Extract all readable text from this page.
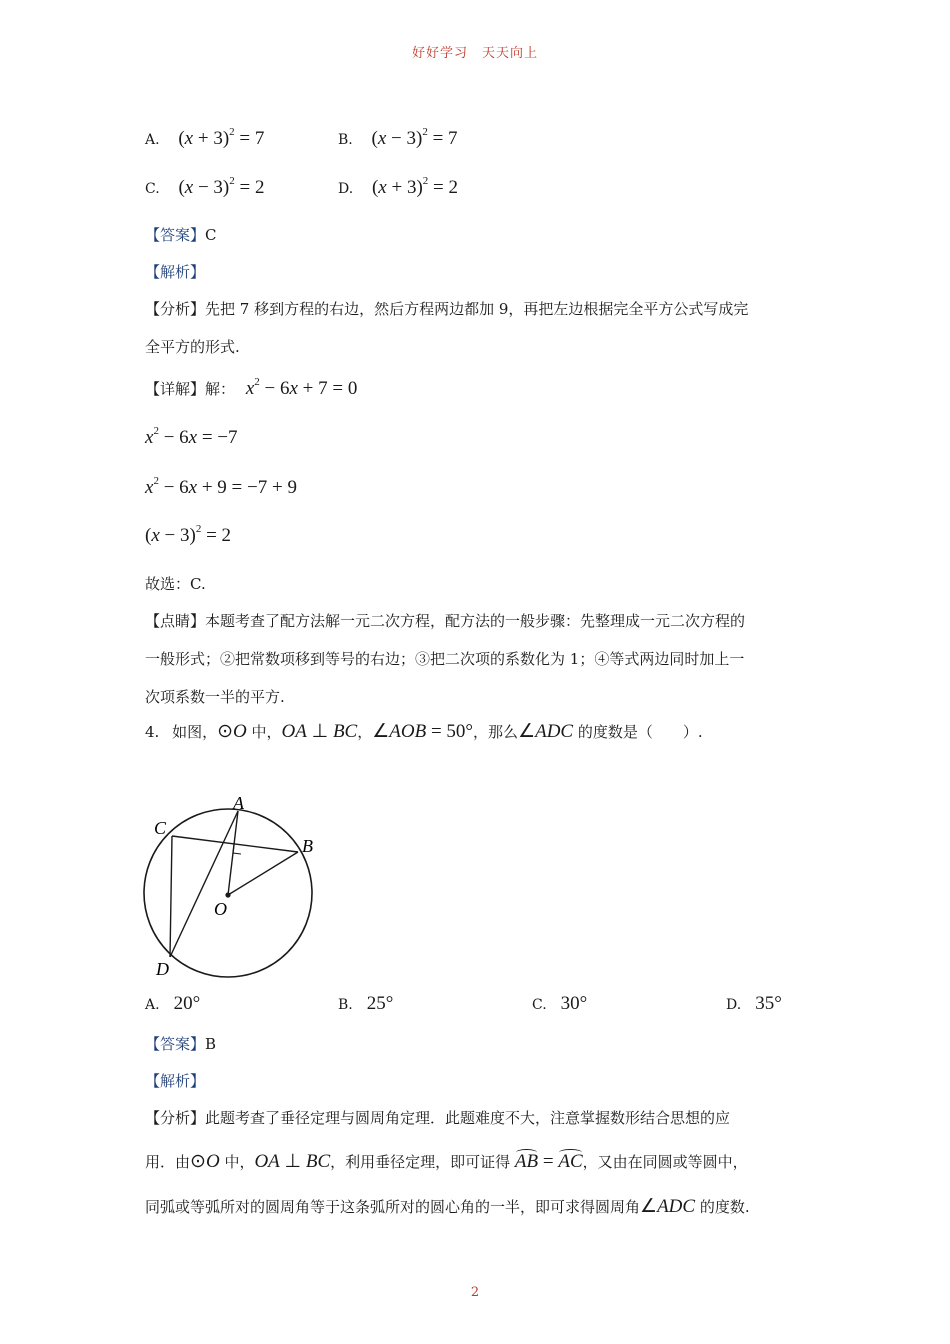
好好学习　天天向上
A. $(x + 3)^2 = 7$	B. $(x - 3)^2 = 7$
C. $(x - 3)^2 = 2$	D. $(x + 3)^2 = 2$
【答案】C
【解析】
【分析】先把 7 移到方程的右边，然后方程两边都加 9，再把左边根据完全平方公式写成完
全平方的形式.
【详解】解： $x^2 - 6x + 7 = 0$
$x^2 - 6x = -7$
$x^2 - 6x + 9 = -7 + 9$
$(x - 3)^2 = 2$
故选：C.
【点睛】本题考查了配方法解一元二次方程，配方法的一般步骤：先整理成一元二次方程的
一般形式；②把常数项移到等号的右边；③把二次项的系数化为 1；④等式两边同时加上一
次项系数一半的平方.
4. 如图，⊙O 中，OA ⊥ BC，∠AOB = 50°，那么∠ADC 的度数是（　　）.
A
B
C
D
O
A. 20°	B. 25°	C. 30°	D. 35°
【答案】B
【解析】
【分析】此题考查了垂径定理与圆周角定理．此题难度不大，注意掌握数形结合思想的应
用．由⊙O 中，OA ⊥ BC，利用垂径定理，即可证得 AB = AC，又由在同圆或等圆中，
同弧或等弧所对的圆周角等于这条弧所对的圆心角的一半，即可求得圆周角∠ADC 的度数.
2
